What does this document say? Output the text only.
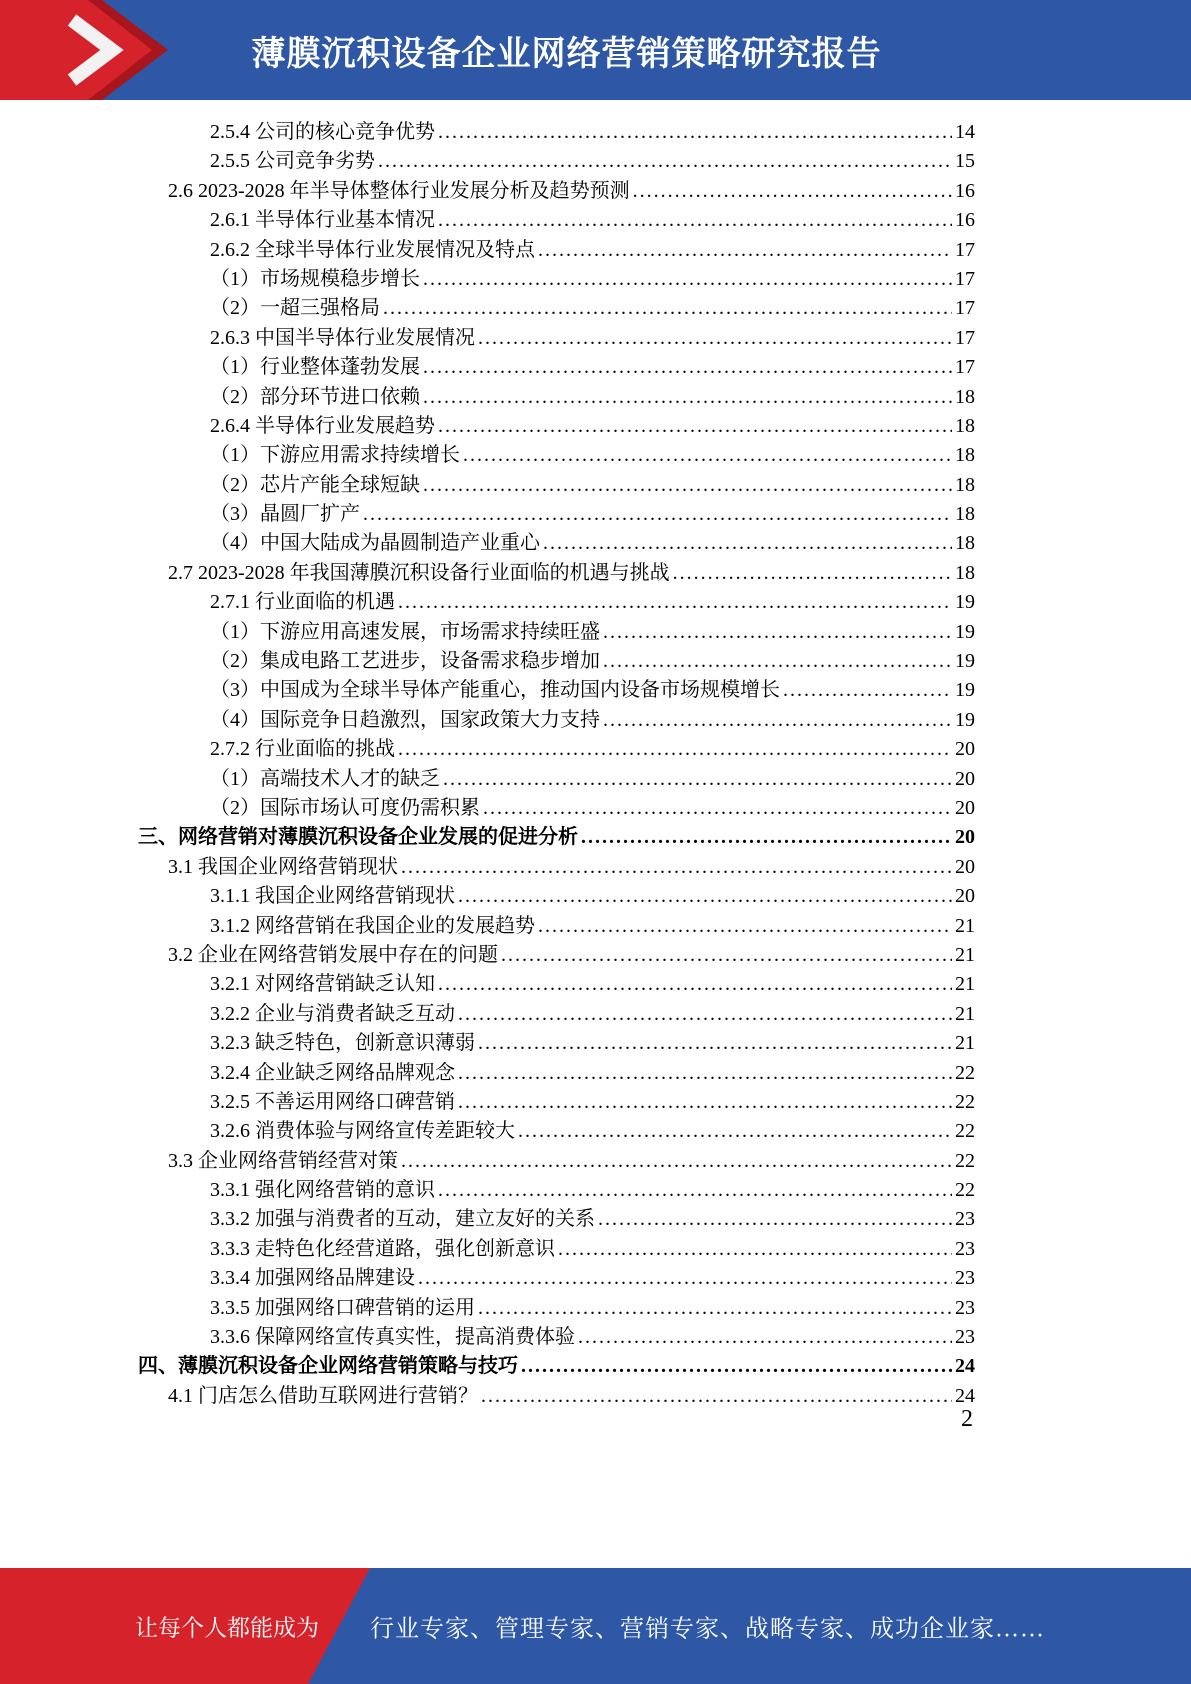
薄膜沉积设备企业网络营销策略研究报告
2.5.4 公司的核心竞争优势 .....	14
2.5.5 公司竞争劣势 .....	15
2.6 2023-2028 年半导体整体行业发展分析及趋势预测 .....	16
2.6.1 半导体行业基本情况 .....	16
2.6.2 全球半导体行业发展情况及特点 .....	17
（1）市场规模稳步增长 .....	17
（2）一超三强格局 .....	17
2.6.3 中国半导体行业发展情况 .....	17
（1）行业整体蓬勃发展 .....	17
（2）部分环节进口依赖 .....	18
2.6.4 半导体行业发展趋势 .....	18
（1）下游应用需求持续增长 .....	18
（2）芯片产能全球短缺 .....	18
（3）晶圆厂扩产 .....	18
（4）中国大陆成为晶圆制造产业重心 .....	18
2.7 2023-2028 年我国薄膜沉积设备行业面临的机遇与挑战 .....	18
2.7.1 行业面临的机遇 .....	19
（1）下游应用高速发展，市场需求持续旺盛 .....	19
（2）集成电路工艺进步，设备需求稳步增加 .....	19
（3）中国成为全球半导体产能重心，推动国内设备市场规模增长 .....	19
（4）国际竞争日趋激烈，国家政策大力支持 .....	19
2.7.2 行业面临的挑战 .....	20
（1）高端技术人才的缺乏 .....	20
（2）国际市场认可度仍需积累 .....	20
三、网络营销对薄膜沉积设备企业发展的促进分析 .....	20
3.1 我国企业网络营销现状 .....	20
3.1.1 我国企业网络营销现状 .....	20
3.1.2 网络营销在我国企业的发展趋势 .....	21
3.2 企业在网络营销发展中存在的问题 .....	21
3.2.1 对网络营销缺乏认知 .....	21
3.2.2 企业与消费者缺乏互动 .....	21
3.2.3 缺乏特色，创新意识薄弱 .....	21
3.2.4 企业缺乏网络品牌观念 .....	22
3.2.5 不善运用网络口碑营销 .....	22
3.2.6 消费体验与网络宣传差距较大 .....	22
3.3 企业网络营销经营对策 .....	22
3.3.1 强化网络营销的意识 .....	22
3.3.2 加强与消费者的互动，建立友好的关系 .....	23
3.3.3 走特色化经营道路，强化创新意识 .....	23
3.3.4 加强网络品牌建设 .....	23
3.3.5 加强网络口碑营销的运用 .....	23
3.3.6 保障网络宣传真实性，提高消费体验 .....	23
四、薄膜沉积设备企业网络营销策略与技巧 .....	24
4.1 门店怎么借助互联网进行营销？ .....	24
2
让每个人都能成为 行业专家、管理专家、营销专家、战略专家、成功企业家……
